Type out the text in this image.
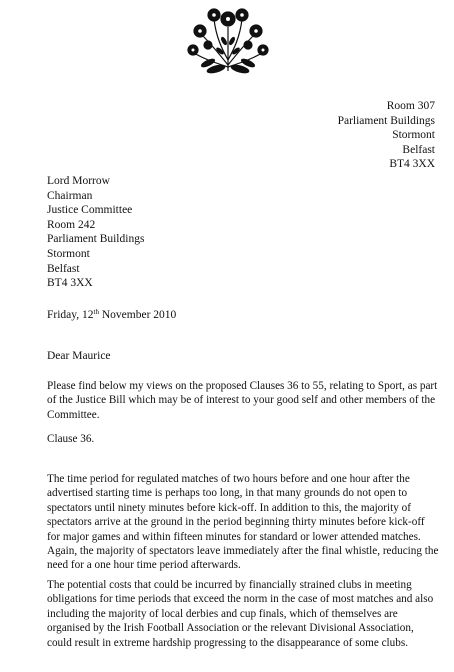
Room 307
Parliament Buildings
Stormont
Belfast
BT4 3XX
Lord Morrow
Chairman
Justice Committee
Room 242
Parliament Buildings
Stormont
Belfast
BT4 3XX
Friday, 12th November 2010
Dear Maurice

Please find below my views on the proposed Clauses 36 to 55, relating to Sport, as part of the Justice Bill which may be of interest to your good self and other members of the Committee.

Clause 36.

The time period for regulated matches of two hours before and one hour after the advertised starting time is perhaps too long, in that many grounds do not open to spectators until ninety minutes before kick-off. In addition to this, the majority of spectators arrive at the ground in the period beginning thirty minutes before kick-off for major games and within fifteen minutes for standard or lower attended matches. Again, the majority of spectators leave immediately after the final whistle, reducing the need for a one hour time period afterwards.

The potential costs that could be incurred by financially strained clubs in meeting obligations for time periods that exceed the norm in the case of most matches and also including the majority of local derbies and cup finals, which of themselves are organised by the Irish Football Association or the relevant Divisional Association, could result in extreme hardship progressing to the disappearance of some clubs.
